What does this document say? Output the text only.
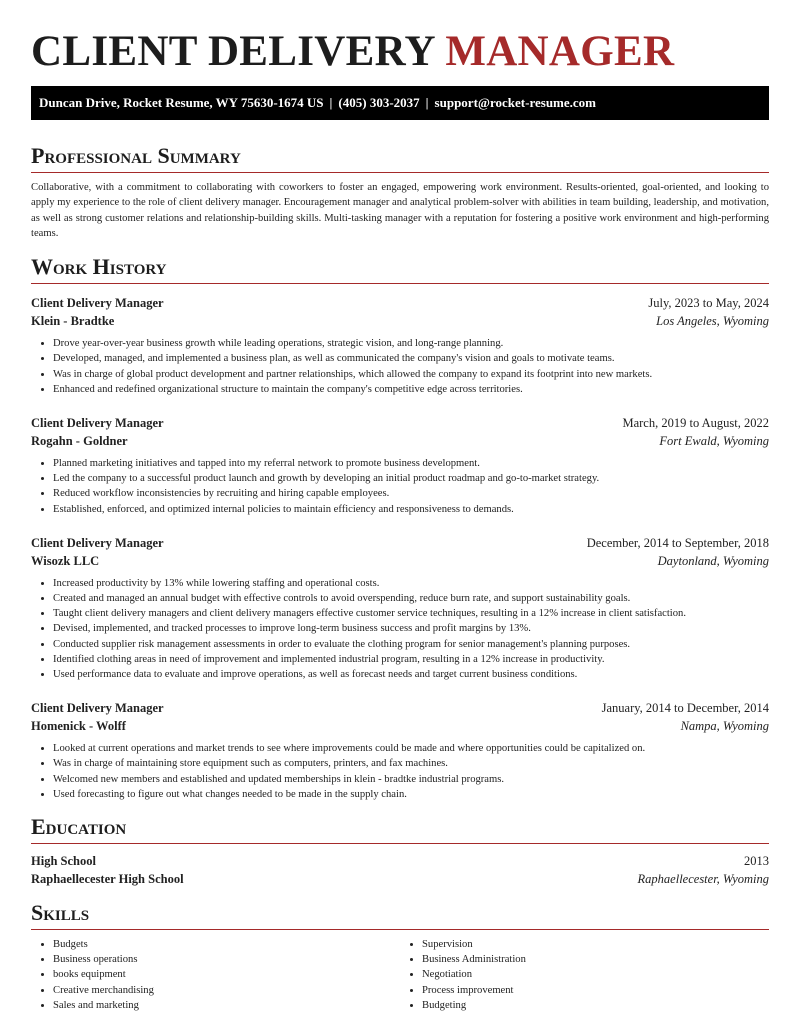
CLIENT DELIVERY MANAGER
Duncan Drive, Rocket Resume, WY 75630-1674 US | (405) 303-2037 | support@rocket-resume.com
Professional Summary

Collaborative, with a commitment to collaborating with coworkers to foster an engaged, empowering work environment. Results-oriented, goal-oriented, and looking to apply my experience to the role of client delivery manager. Encouragement manager and analytical problem-solver with abilities in team building, leadership, and motivation, as well as strong customer relations and relationship-building skills. Multi-tasking manager with a reputation for fostering a positive work environment and high-performing teams.

Work History
Client Delivery Manager	July, 2023 to May, 2024
Klein - Bradtke	Los Angeles, Wyoming
• Drove year-over-year business growth while leading operations, strategic vision, and long-range planning.
• Developed, managed, and implemented a business plan, as well as communicated the company's vision and goals to motivate teams.
• Was in charge of global product development and partner relationships, which allowed the company to expand its footprint into new markets.
• Enhanced and redefined organizational structure to maintain the company's competitive edge across territories.
Client Delivery Manager	March, 2019 to August, 2022
Rogahn - Goldner	Fort Ewald, Wyoming
• Planned marketing initiatives and tapped into my referral network to promote business development.
• Led the company to a successful product launch and growth by developing an initial product roadmap and go-to-market strategy.
• Reduced workflow inconsistencies by recruiting and hiring capable employees.
• Established, enforced, and optimized internal policies to maintain efficiency and responsiveness to demands.
Client Delivery Manager	December, 2014 to September, 2018
Wisozk LLC	Daytonland, Wyoming
• Increased productivity by 13% while lowering staffing and operational costs.
• Created and managed an annual budget with effective controls to avoid overspending, reduce burn rate, and support sustainability goals.
• Taught client delivery managers and client delivery managers effective customer service techniques, resulting in a 12% increase in client satisfaction.
• Devised, implemented, and tracked processes to improve long-term business success and profit margins by 13%.
• Conducted supplier risk management assessments in order to evaluate the clothing program for senior management's planning purposes.
• Identified clothing areas in need of improvement and implemented industrial program, resulting in a 12% increase in productivity.
• Used performance data to evaluate and improve operations, as well as forecast needs and target current business conditions.
Client Delivery Manager	January, 2014 to December, 2014
Homenick - Wolff	Nampa, Wyoming
• Looked at current operations and market trends to see where improvements could be made and where opportunities could be capitalized on.
• Was in charge of maintaining store equipment such as computers, printers, and fax machines.
• Welcomed new members and established and updated memberships in klein - bradtke industrial programs.
• Used forecasting to figure out what changes needed to be made in the supply chain.
Education
High School	2013
Raphaellecester High School	Raphaellecester, Wyoming
Skills
• Budgets
• Business operations
• books equipment
• Creative merchandising
• Sales and marketing
• Supervision
• Business Administration
• Negotiation
• Process improvement
• Budgeting
